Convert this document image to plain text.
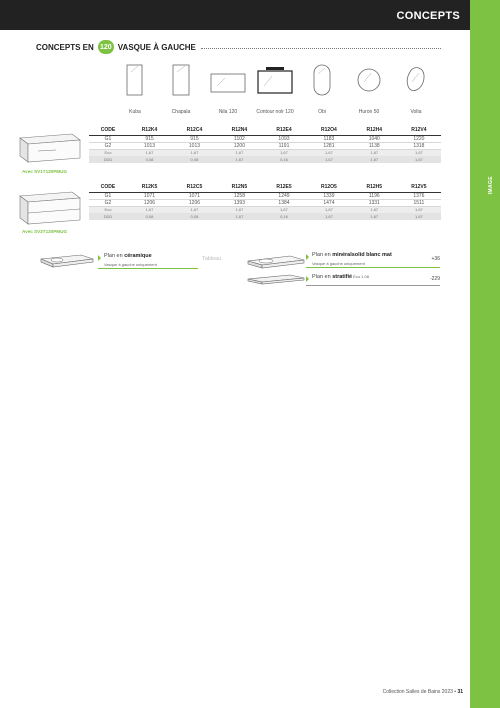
CONCEPTS
IMAGE
CONCEPTS EN 120 VASQUE À GAUCHE
Kuba	Chapala	Nila 120	Contour noir 120	Obi	Huron 50	Volta
Avec SV1T120PMUG
CODE	R12K4	R12C4	R12N4	R12E4	R12O4	R12H4	R12V4
G1	915	915	1102	1093	1183	1040	1220
G2	1013	1013	1200	1191	1281	1138	1318
Eco	1,67	1,67	1,67	1,67	1,67	1,67	1,67
DDD	0,08	0,08	1,67	0,16	1,67	1,67	1,67
Avec SV2T120PMUG
CODE	R12K5	R12C5	R12N5	R12E5	R12O5	R12H5	R12V5
G1	1071	1071	1258	1249	1339	1196	1376
G2	1206	1206	1393	1384	1474	1331	1511
Eco	1,67	1,67	1,67	1,67	1,67	1,67	1,67
DDD	0,08	0,08	1,67	0,16	1,67	1,67	1,67
Plan en céramique
Vasque à gauche uniquement
Tableau
Plan en minéralsolid blanc mat
Vasque à gauche uniquement
+36
Plan en stratifié Éco 1.08	-229
Collection Salles de Bains 2023 • 31
